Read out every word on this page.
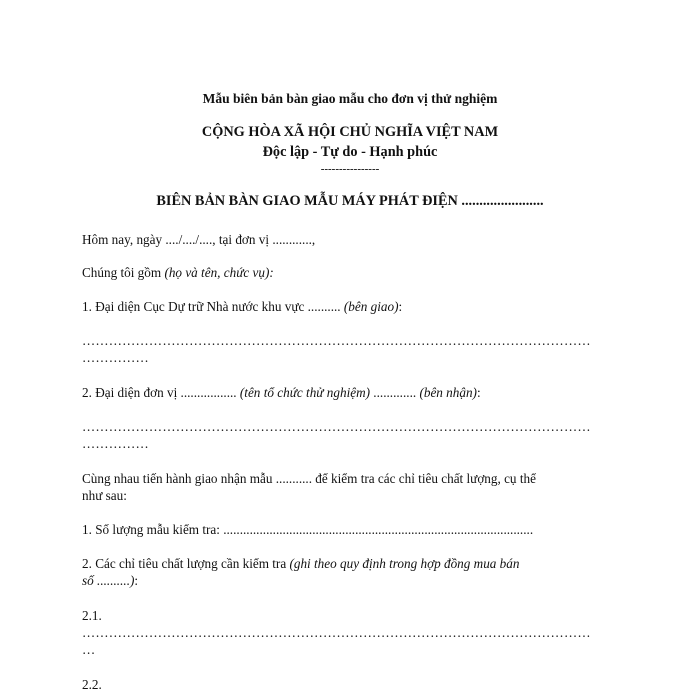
Mẫu biên bản bàn giao mẫu cho đơn vị thử nghiệm
CỘNG HÒA XÃ HỘI CHỦ NGHĨA VIỆT NAM
Độc lập - Tự do - Hạnh phúc
----------------
BIÊN BẢN BÀN GIAO MẪU MÁY PHÁT ĐIỆN .......................
Hôm nay, ngày ..../..../...., tại đơn vị ............,
Chúng tôi gồm (họ và tên, chức vụ):
1. Đại diện Cục Dự trữ Nhà nước khu vực .......... (bên giao):
……………………………………………………………………………………………………
……………
2. Đại diện đơn vị ................. (tên tổ chức thử nghiệm) ............. (bên nhận):
……………………………………………………………………………………………………
……………
Cùng nhau tiến hành giao nhận mẫu ........... để kiểm tra các chỉ tiêu chất lượng, cụ thể
như sau:
1. Số lượng mẫu kiểm tra: ..............................................................................................
2. Các chỉ tiêu chất lượng cần kiểm tra (ghi theo quy định trong hợp đồng mua bán
số ..........):
2.1.
……………………………………………………………………………………………………
…
2.2.
